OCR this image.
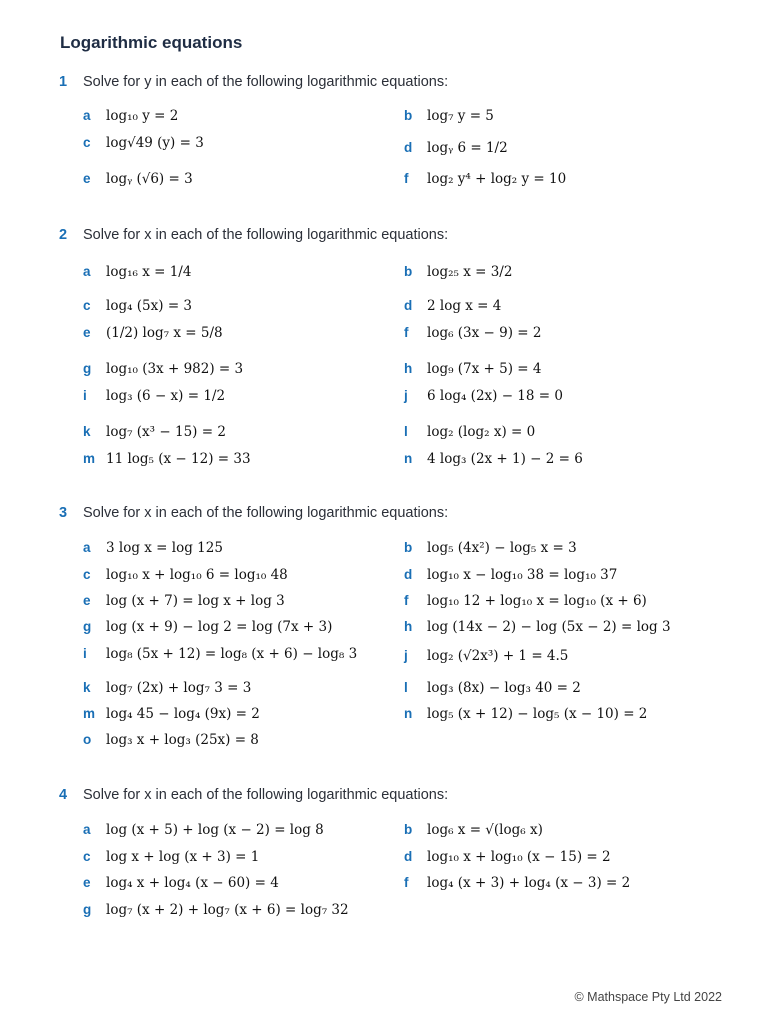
Logarithmic equations
1 Solve for y in each of the following logarithmic equations:
a log₁₀ y = 2	b log₇ y = 5
c log√49 (y) = 3	d logᵧ 6 = 1/2
e logᵧ (√6) = 3	f log₂ y⁴ + log₂ y = 10
2 Solve for x in each of the following logarithmic equations:
a log₁₆ x = 1/4	b log₂₅ x = 3/2
c log₄ (5x) = 3	d 2 log x = 4
e (1/2) log₇ x = 5/8	f log₆ (3x − 9) = 2
g log₁₀ (3x + 982) = 3	h log₉ (7x + 5) = 4
i log₃ (6 − x) = 1/2	j 6 log₄ (2x) − 18 = 0
k log₇ (x³ − 15) = 2	l log₂ (log₂ x) = 0
m 11 log₅ (x − 12) = 33	n 4 log₃ (2x + 1) − 2 = 6
3 Solve for x in each of the following logarithmic equations:
a 3 log x = log 125	b log₅ (4x²) − log₅ x = 3
c log₁₀ x + log₁₀ 6 = log₁₀ 48	d log₁₀ x − log₁₀ 38 = log₁₀ 37
e log (x + 7) = log x + log 3	f log₁₀ 12 + log₁₀ x = log₁₀ (x + 6)
g log (x + 9) − log 2 = log (7x + 3)	h log (14x − 2) − log (5x − 2) = log 3
i log₈ (5x + 12) = log₈ (x + 6) − log₈ 3	j log₂ (√2x³) + 1 = 4.5
k log₇ (2x) + log₇ 3 = 3	l log₃ (8x) − log₃ 40 = 2
m log₄ 45 − log₄ (9x) = 2	n log₅ (x + 12) − log₅ (x − 10) = 2
o log₃ x + log₃ (25x) = 8
4 Solve for x in each of the following logarithmic equations:
a log (x + 5) + log (x − 2) = log 8	b log₆ x = √(log₆ x)
c log x + log (x + 3) = 1	d log₁₀ x + log₁₀ (x − 15) = 2
e log₄ x + log₄ (x − 60) = 4	f log₄ (x + 3) + log₄ (x − 3) = 2
g log₇ (x + 2) + log₇ (x + 6) = log₇ 32
© Mathspace Pty Ltd 2022
